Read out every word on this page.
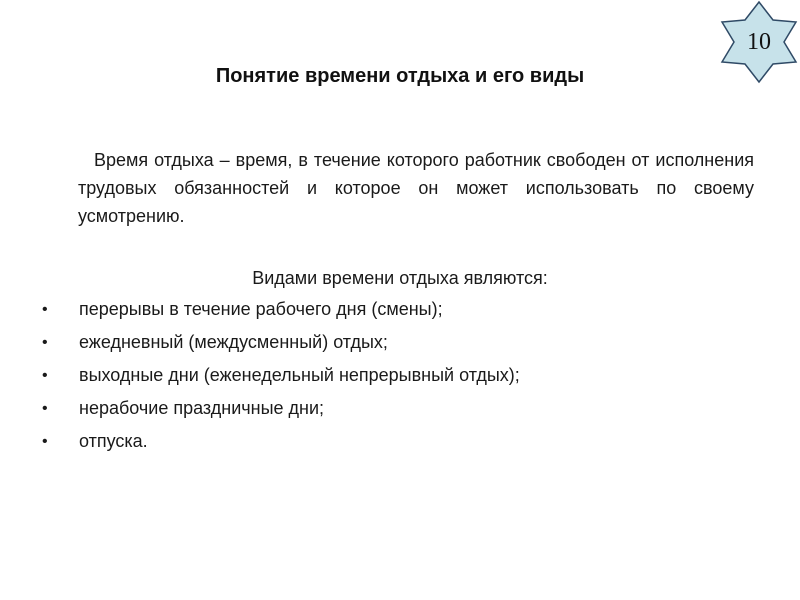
10
Понятие времени отдыха и его виды
Время отдыха – время, в течение которого работник свободен от исполнения трудовых обязанностей и которое он может использовать по своему усмотрению.
Видами времени отдыха являются:
• перерывы в течение рабочего дня (смены);
• ежедневный (междусменный) отдых;
• выходные дни (еженедельный непрерывный отдых);
• нерабочие праздничные дни;
• отпуска.
